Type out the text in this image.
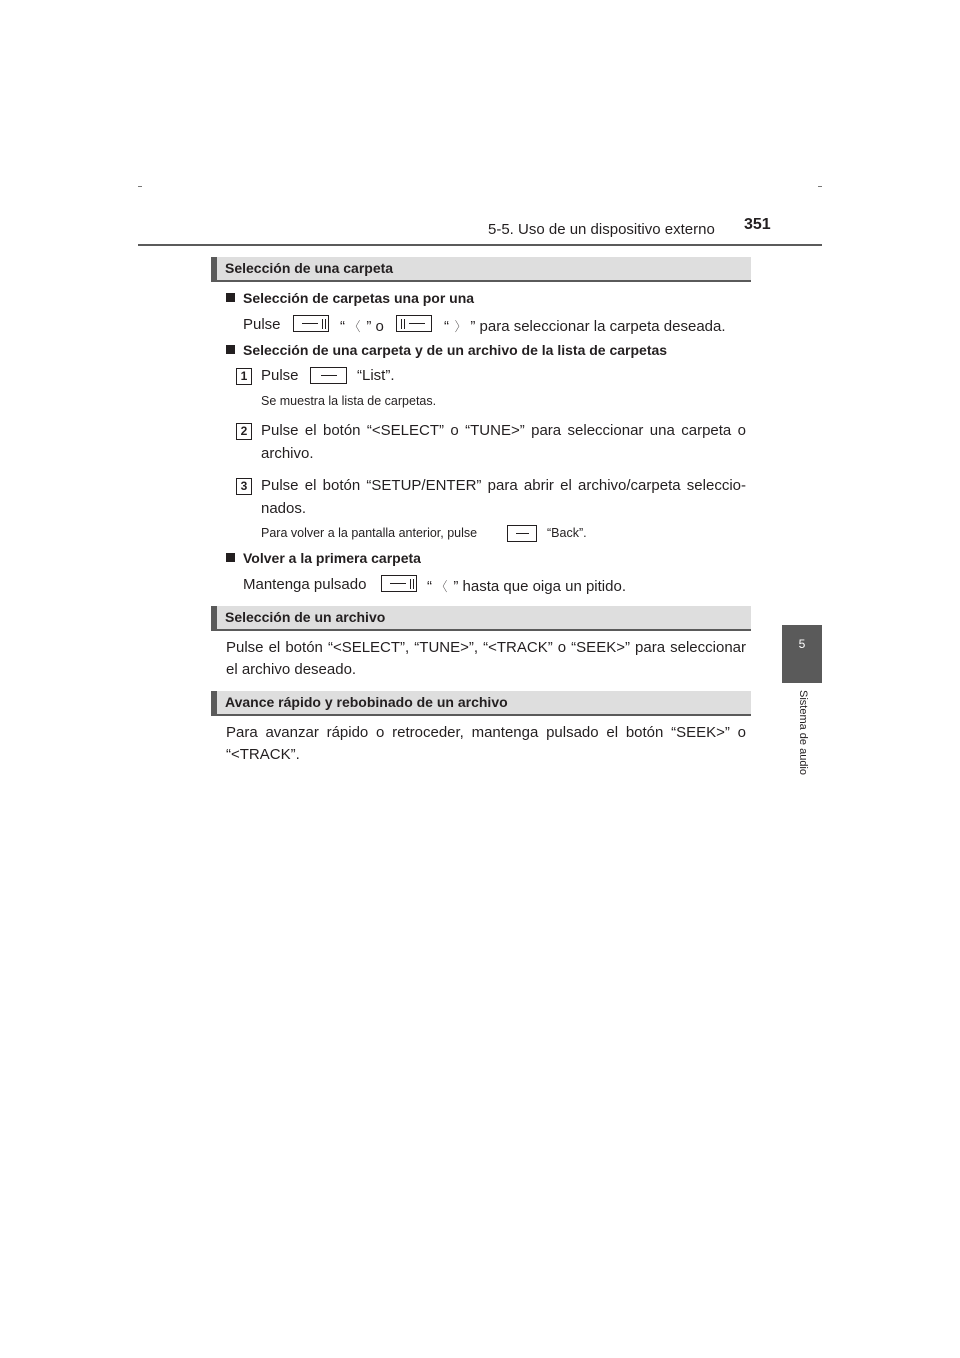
5-5. Uso de un dispositivo externo 351
5
Sistema de audio
Selección de una carpeta
Selección de carpetas una por una
Pulse	“ 〈 ” o	“ 〉 ” para seleccionar la carpeta deseada.
Selección de una carpeta y de un archivo de la lista de carpetas
1 Pulse	“List”.
Se muestra la lista de carpetas.
2 Pulse el botón “<SELECT” o “TUNE>” para seleccionar una carpeta o
archivo.
3 Pulse el botón “SETUP/ENTER” para abrir el archivo/carpeta seleccio-
nados.
Para volver a la pantalla anterior, pulse	“Back”.
Volver a la primera carpeta
Mantenga pulsado	“ 〈 ” hasta que oiga un pitido.
Selección de un archivo
Pulse el botón “<SELECT”, “TUNE>”, “<TRACK” o “SEEK>” para seleccionar
el archivo deseado.
Avance rápido y rebobinado de un archivo
Para avanzar rápido o retroceder, mantenga pulsado el botón “SEEK>” o
“<TRACK”.
